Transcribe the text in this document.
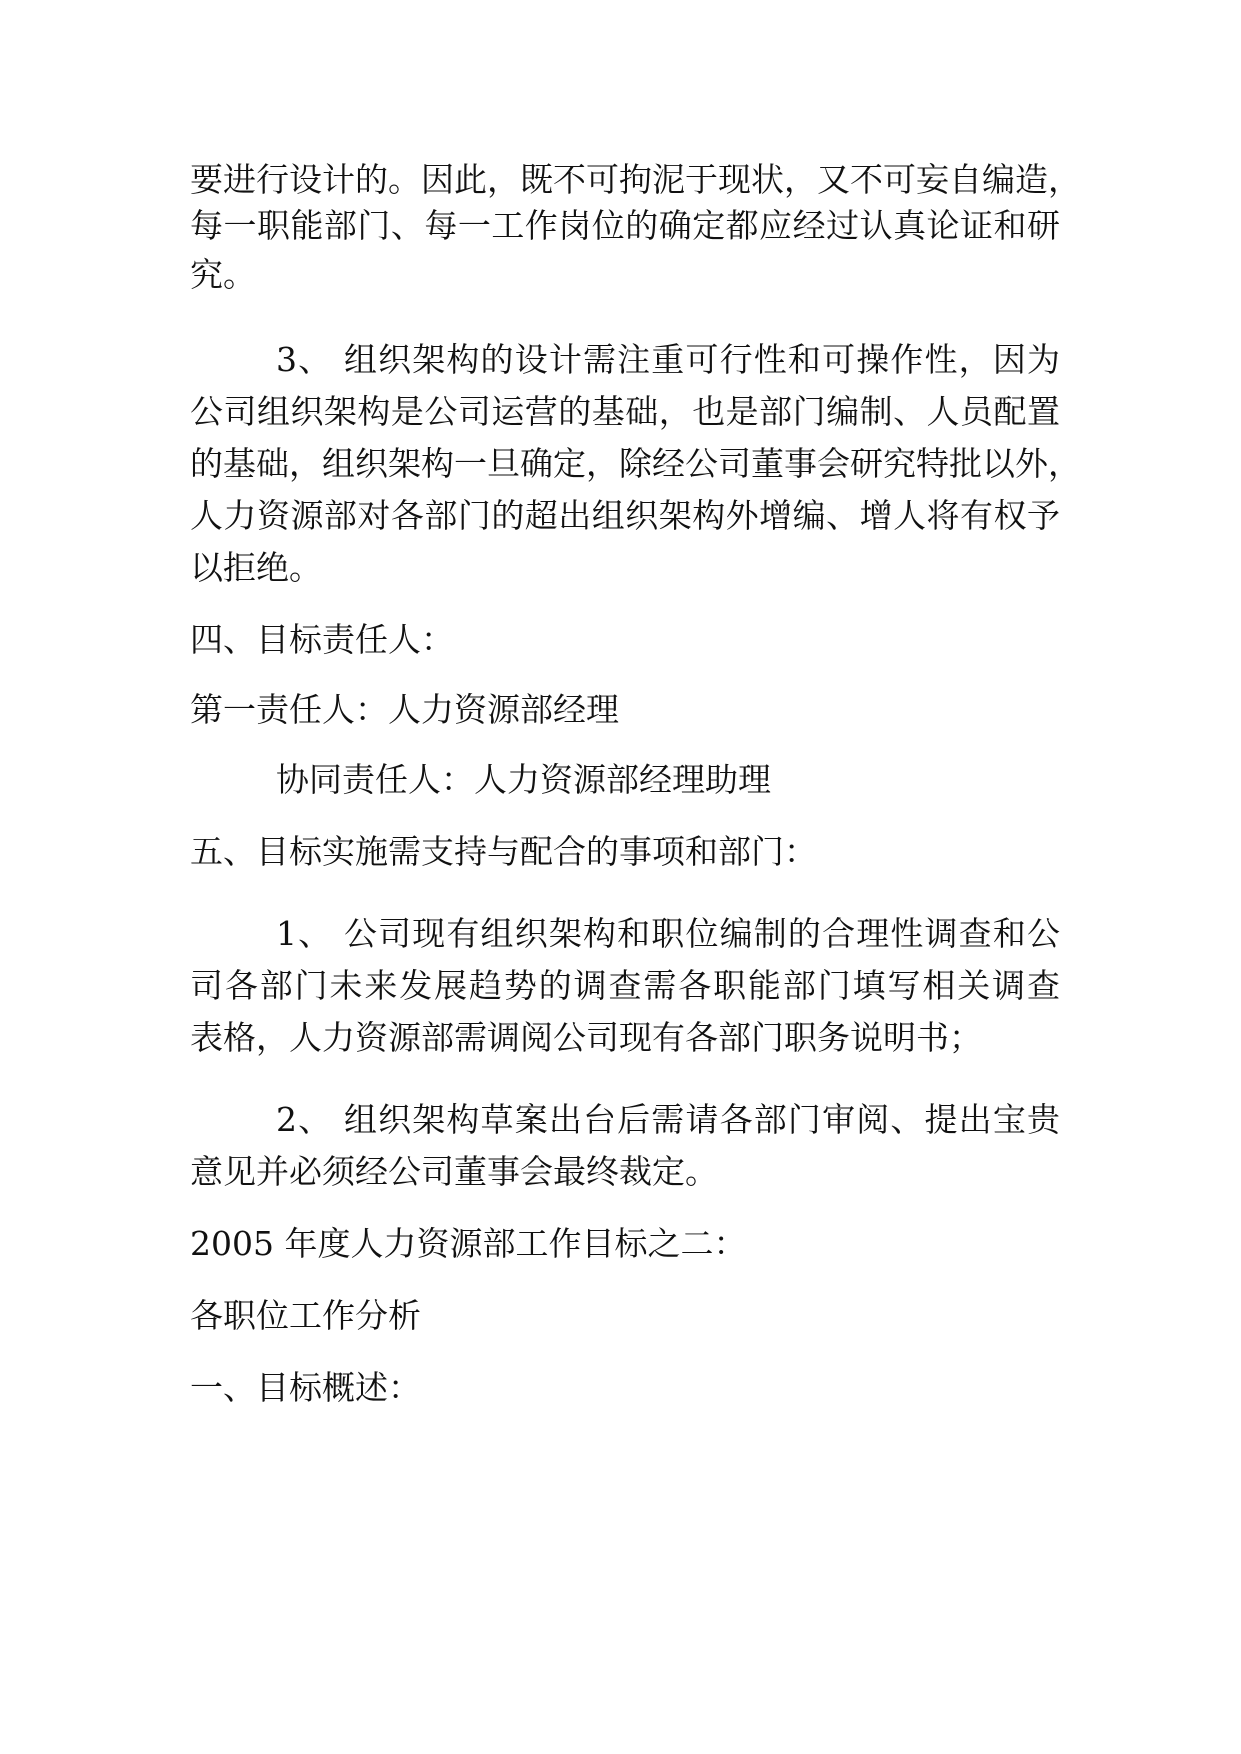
要进行设计的。因此，既不可拘泥于现状，又不可妄自编造，
每一职能部门、每一工作岗位的确定都应经过认真论证和研
究。
3、 组织架构的设计需注重可行性和可操作性，因为
公司组织架构是公司运营的基础，也是部门编制、人员配置
的基础，组织架构一旦确定，除经公司董事会研究特批以外，
人力资源部对各部门的超出组织架构外增编、增人将有权予
以拒绝。
四、目标责任人：
第一责任人：人力资源部经理
协同责任人：人力资源部经理助理
五、目标实施需支持与配合的事项和部门：
1、 公司现有组织架构和职位编制的合理性调查和公
司各部门未来发展趋势的调查需各职能部门填写相关调查
表格，人力资源部需调阅公司现有各部门职务说明书；
2、 组织架构草案出台后需请各部门审阅、提出宝贵
意见并必须经公司董事会最终裁定。
2005 年度人力资源部工作目标之二：
各职位工作分析
一、目标概述：
